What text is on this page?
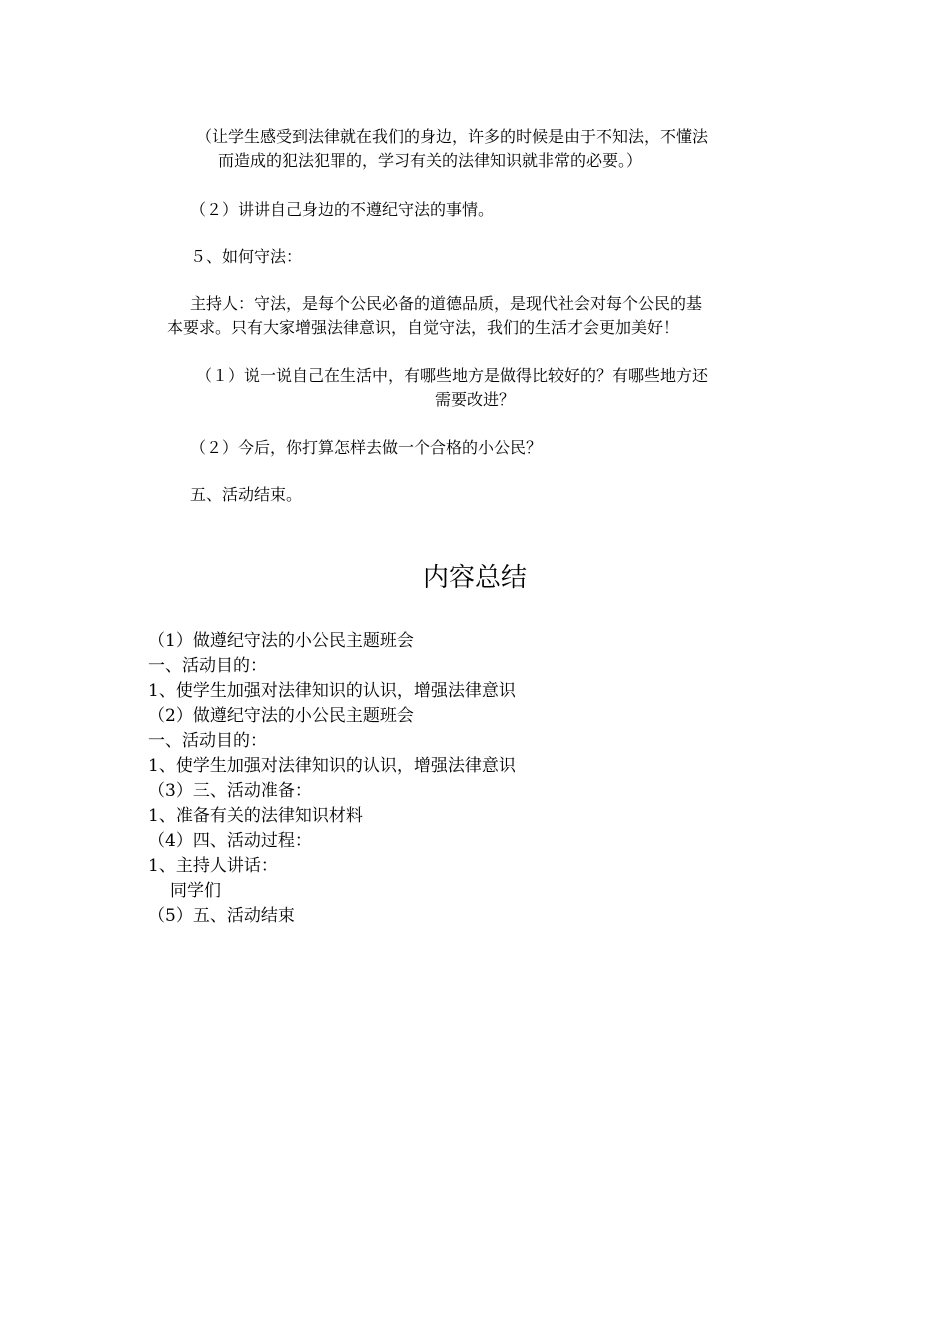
（让学生感受到法律就在我们的身边，许多的时候是由于不知法，不懂法
而造成的犯法犯罪的，学习有关的法律知识就非常的必要。）
（２）讲讲自己身边的不遵纪守法的事情。
５、如何守法：
主持人：守法，是每个公民必备的道德品质，是现代社会对每个公民的基
本要求。只有大家增强法律意识，自觉守法，我们的生活才会更加美好！
（１）说一说自己在生活中，有哪些地方是做得比较好的？有哪些地方还
需要改进？
（２）今后，你打算怎样去做一个合格的小公民？
五、活动结束。
内容总结
（1）做遵纪守法的小公民主题班会
一、活动目的：
1、使学生加强对法律知识的认识，增强法律意识
（2）做遵纪守法的小公民主题班会
一、活动目的：
1、使学生加强对法律知识的认识，增强法律意识
（3）三、活动准备：
1、准备有关的法律知识材料
（4）四、活动过程：
1、主持人讲话：
同学们
（5）五、活动结束
